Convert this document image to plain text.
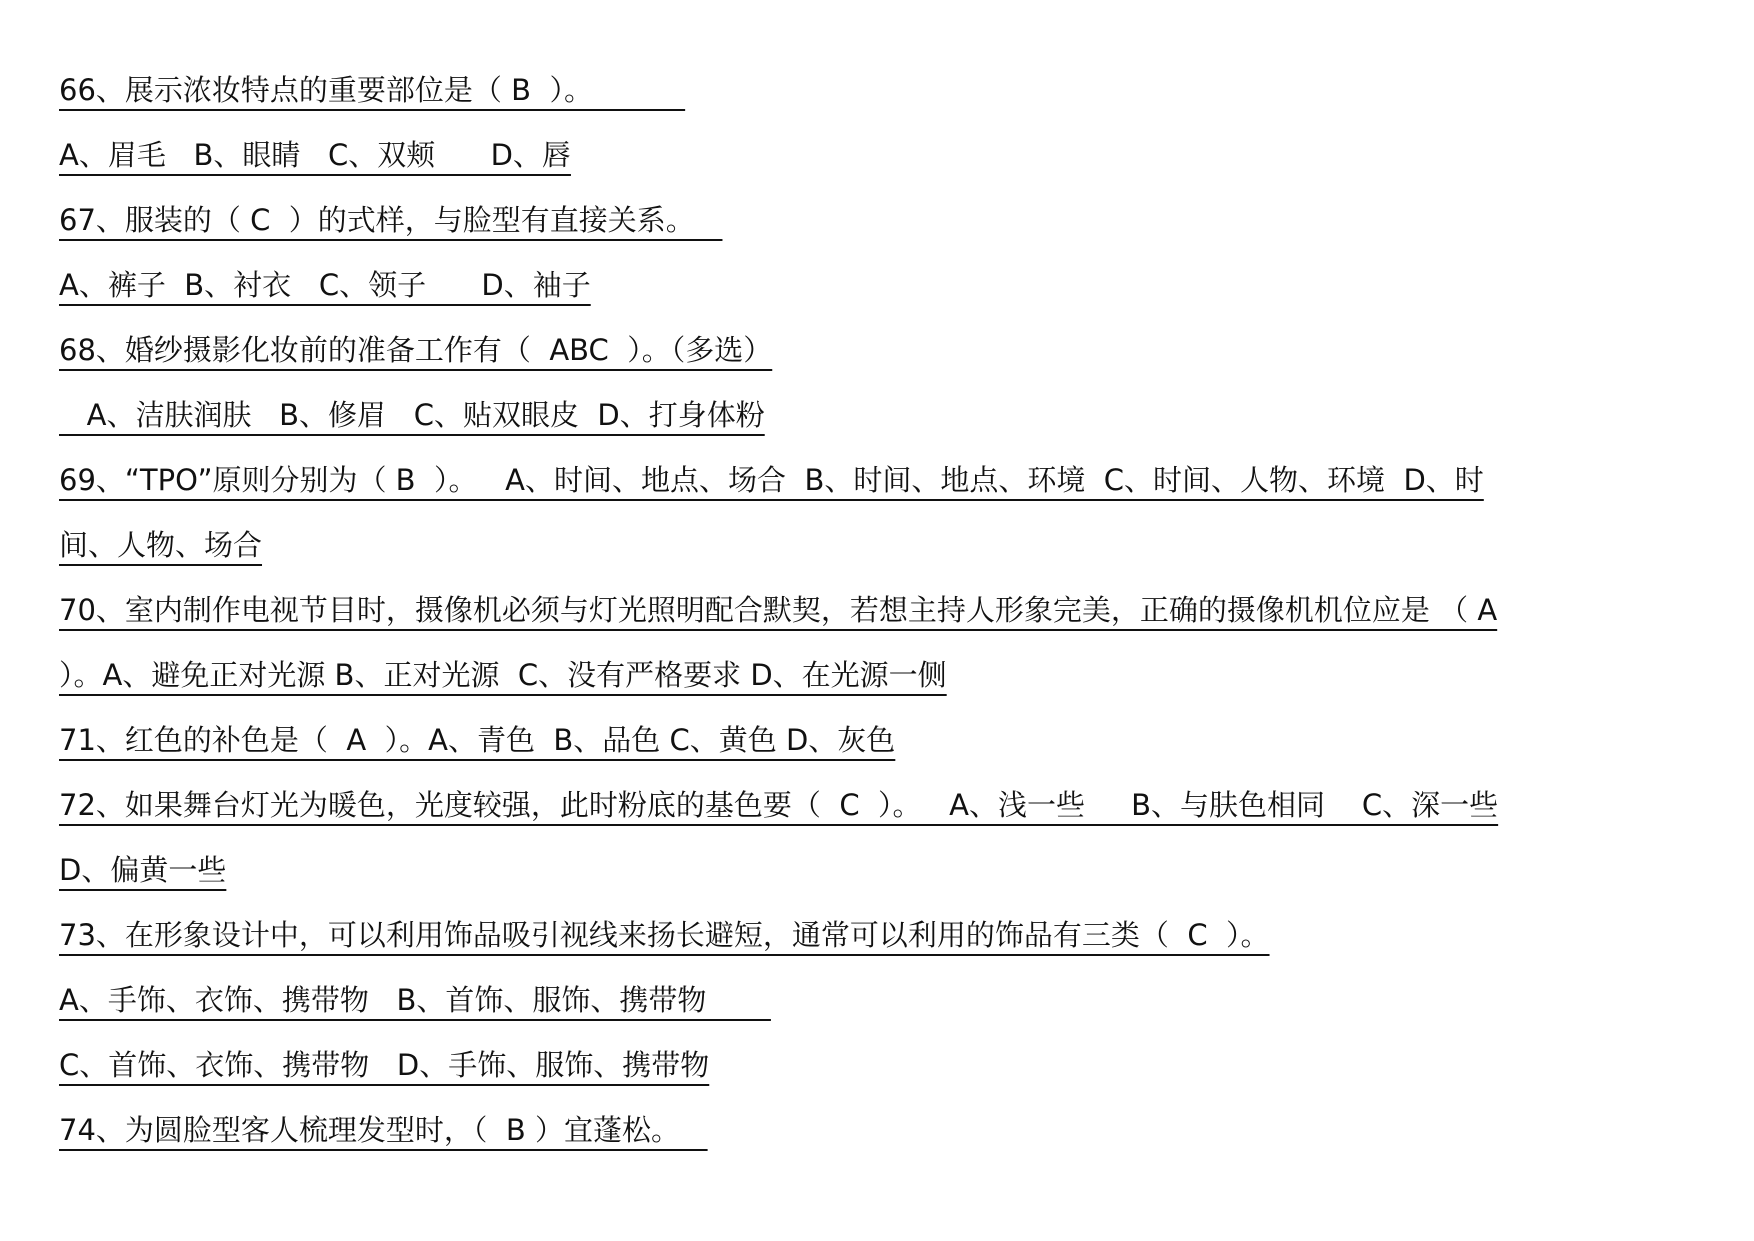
66、展示浓妆特点的重要部位是（ B  ）。
A、眉毛   B、眼睛   C、双颊      D、唇
67、服装的（ C  ）的式样，与脸型有直接关系。
A、裤子  B、衬衣   C、领子      D、袖子
68、婚纱摄影化妆前的准备工作有（  ABC  ）。（多选）
A、洁肤润肤   B、修眉   C、贴双眼皮  D、打身体粉
69、“TPO”原则分别为（ B  ）。   A、时间、地点、场合  B、时间、地点、环境  C、时间、人物、环境  D、时
间、人物、场合
70、室内制作电视节目时，摄像机必须与灯光照明配合默契，若想主持人形象完美，正确的摄像机机位应是 （ A
）。A、避免正对光源 B、正对光源  C、没有严格要求 D、在光源一侧
71、红色的补色是（  A  ）。A、青色  B、品色 C、黄色 D、灰色
72、如果舞台灯光为暖色，光度较强，此时粉底的基色要（  C  ）。   A、浅一些     B、与肤色相同    C、深一些
D、偏黄一些
73、在形象设计中，可以利用饰品吸引视线来扬长避短，通常可以利用的饰品有三类（  C  ）。
A、手饰、衣饰、携带物   B、首饰、服饰、携带物
C、首饰、衣饰、携带物   D、手饰、服饰、携带物
74、为圆脸型客人梳理发型时，（  B ）宜蓬松。
